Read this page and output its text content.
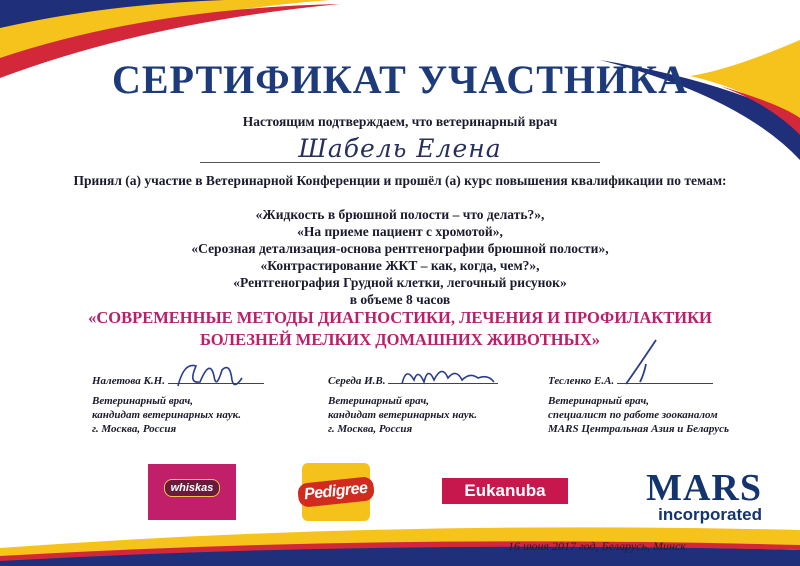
СЕРТИФИКАТ УЧАСТНИКА
Настоящим подтверждаем, что ветеринарный врач
Шабель Елена
Принял (а) участие в Ветеринарной Конференции и прошёл (а) курс повышения квалификации по темам:
«Жидкость в брюшной полости – что делать?»,
«На приеме пациент с хромотой»,
«Серозная детализация-основа рентгенографии брюшной полости»,
«Контрастирование ЖКТ – как, когда, чем?»,
«Рентгенография Грудной клетки, легочный рисунок»
в объеме 8 часов
«СОВРЕМЕННЫЕ МЕТОДЫ ДИАГНОСТИКИ, ЛЕЧЕНИЯ И ПРОФИЛАКТИКИ
БОЛЕЗНЕЙ МЕЛКИХ ДОМАШНИХ ЖИВОТНЫХ»
Налетова К.Н.
Ветеринарный врач,
кандидат ветеринарных наук.
г. Москва, Россия
Середа И.В.
Ветеринарный врач,
кандидат ветеринарных наук.
г. Москва, Россия
Тесленко Е.А.
Ветеринарный врач,
специалист по работе зооканалом
MARS Центральная Азия и Беларусь
whiskas
	Pedigree	Eukanuba	MARS
incorporated
16 июня 2017 год, Беларусь, Минск
